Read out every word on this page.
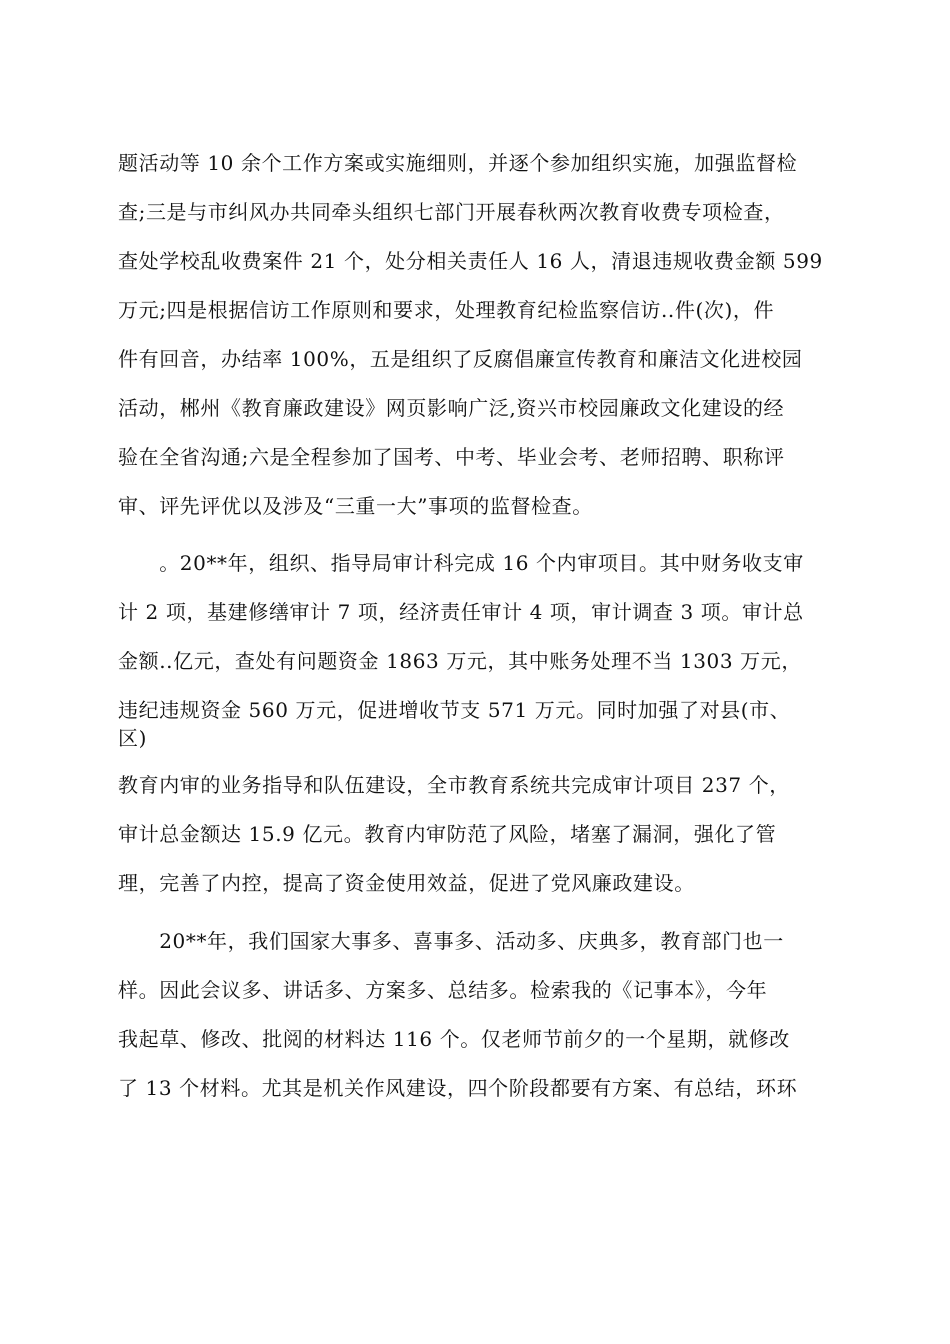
题活动等 10 余个工作方案或实施细则，并逐个参加组织实施，加强监督检
查;三是与市纠风办共同牵头组织七部门开展春秋两次教育收费专项检查，
查处学校乱收费案件 21 个，处分相关责任人 16 人，清退违规收费金额 599
万元;四是根据信访工作原则和要求，处理教育纪检监察信访..件(次)，件
件有回音，办结率 100%，五是组织了反腐倡廉宣传教育和廉洁文化进校园
活动，郴州《教育廉政建设》网页影响广泛,资兴市校园廉政文化建设的经
验在全省沟通;六是全程参加了国考、中考、毕业会考、老师招聘、职称评
审、评先评优以及涉及“三重一大”事项的监督检查。
　　。20**年，组织、指导局审计科完成 16 个内审项目。其中财务收支审
计 2 项，基建修缮审计 7 项，经济责任审计 4 项，审计调查 3 项。审计总
金额..亿元，查处有问题资金 1863 万元，其中账务处理不当 1303 万元，
违纪违规资金 560 万元，促进增收节支 571 万元。同时加强了对县(市、
区)
教育内审的业务指导和队伍建设，全市教育系统共完成审计项目 237 个，
审计总金额达 15.9 亿元。教育内审防范了风险，堵塞了漏洞，强化了管
理，完善了内控，提高了资金使用效益，促进了党风廉政建设。
　　20**年，我们国家大事多、喜事多、活动多、庆典多，教育部门也一
样。因此会议多、讲话多、方案多、总结多。检索我的《记事本》，今年
我起草、修改、批阅的材料达 116 个。仅老师节前夕的一个星期，就修改
了 13 个材料。尤其是机关作风建设，四个阶段都要有方案、有总结，环环
